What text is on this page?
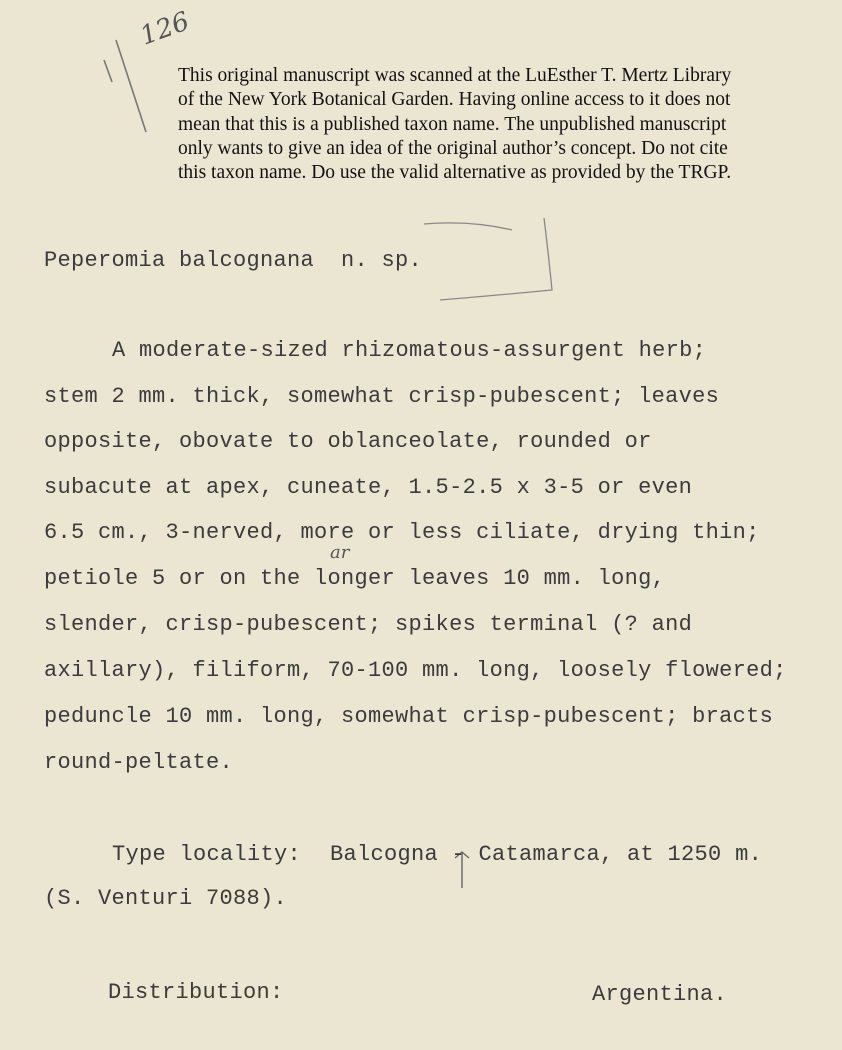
126
This original manuscript was scanned at the LuEsther T. Mertz Library
of the New York Botanical Garden. Having online access to it does not
mean that this is a published taxon name. The unpublished manuscript
only wants to give an idea of the original author’s concept. Do not cite
this taxon name. Do use the valid alternative as provided by the TRGP.
Peperomia balcognana  n. sp.
A moderate-sized rhizomatous-assurgent herb;
stem 2 mm. thick, somewhat crisp-pubescent; leaves
opposite, obovate to oblanceolate, rounded or
subacute at apex, cuneate, 1.5-2.5 x 3-5 or even
6.5 cm., 3-nerved, more or less ciliate, drying thin;
ar
petiole 5 or on the longer leaves 10 mm. long,
slender, crisp-pubescent; spikes terminal (? and
axillary), filiform, 70-100 mm. long, loosely flowered;
peduncle 10 mm. long, somewhat crisp-pubescent; bracts
round-peltate.
Type locality: Balcogna - Catamarca, at 1250 m.
(S. Venturi 7088).
Distribution:	Argentina.
